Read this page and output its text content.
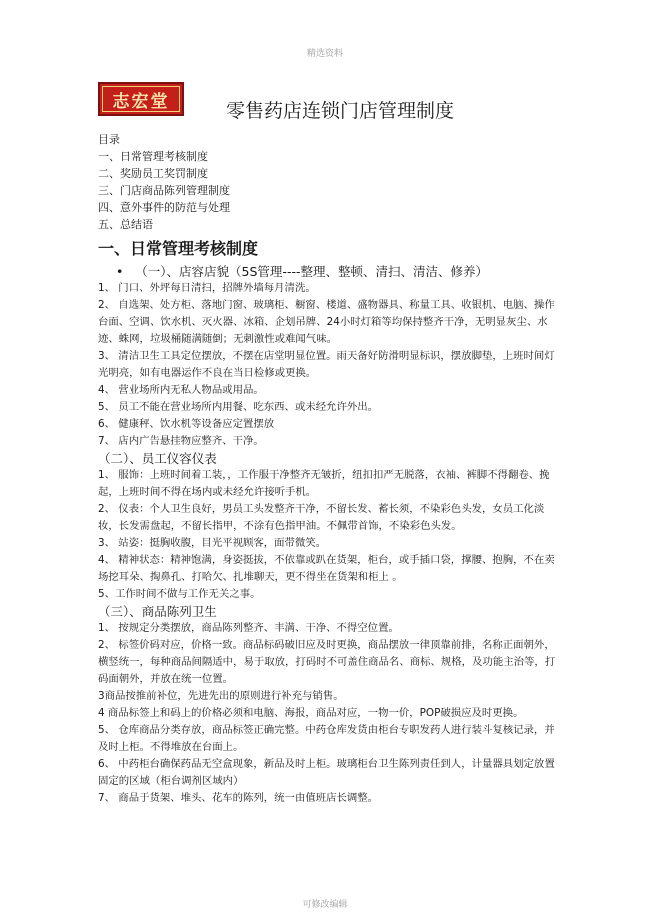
精选资料
志宏堂	零售药店连锁门店管理制度
目录
一、日常管理考核制度
二、奖励员工奖罚制度
三、门店商品陈列管理制度
四、意外事件的防范与处理
五、总结语
一、日常管理考核制度
• （一）、店容店貌（5S管理----整理、整顿、清扫、清洁、修养）

1、 门口、外坪每日清扫，招牌外墙每月清洗。

2、 自选架、处方柜、落地门窗、玻璃柜、橱窗、楼道、盛物器具、称量工具、收银机、电脑、操作台面、空调、饮水机、灭火器、冰箱、企划吊牌、24小时灯箱等均保持整齐干净，无明显灰尘、水迹、蛛网，垃圾桶随满随倒；无刺激性或难闻气味。

3、 清洁卫生工具定位摆放，不摆在店堂明显位置。雨天备好防滑明显标识，摆放脚垫，上班时间灯光明亮，如有电器运作不良在当日检修或更换。

4、 营业场所内无私人物品或用品。

5、 员工不能在营业场所内用餐、吃东西、或未经允许外出。

6、 健康秤、饮水机等设备应定置摆放

7、 店内广告悬挂物应整齐、干净。

（二）、员工仪容仪表

1、 服饰：上班时间着工装，，工作服干净整齐无皱折，纽扣扣严无脱落，衣袖、裤脚不得翻卷、挽起，上班时间不得在场内或未经允许接听手机。

2、 仪表：个人卫生良好，男员工头发整齐干净，不留长发、蓄长须，不染彩色头发，女员工化淡妆，长发需盘起，不留长指甲，不涂有色指甲油。不佩带首饰，不染彩色头发。

3、 站姿：挺胸收腹，目光平视顾客，面带微笑。

4、 精神状态：精神饱满，身姿挺拔，不依靠或趴在货架，柜台，或手插口袋，撑腰、抱胸，不在卖场挖耳朵、掏鼻孔、打哈欠、扎堆聊天，更不得坐在货架和柜上 。

5、工作时间不做与工作无关之事。

（三）、商品陈列卫生

1、 按规定分类摆放，商品陈列整齐、丰满、干净、不得空位置。

2、 标签价码对应，价格一致。商品标码破旧应及时更换，商品摆放一律顶靠前排，名称正面朝外，横竖统一，每种商品间隔适中，易于取放，打码时不可盖住商品名、商标、规格，及功能主治等，打码面朝外，并放在统一位置。

3商品按推前补位，先进先出的原则进行补充与销售。

4 商品标签上和码上的价格必须和电脑、海报，商品对应，一物一价，POP破损应及时更换。

5、 仓库商品分类存放，商品标签正确完整。中药仓库发货由柜台专职发药人进行装斗复核记录，并及时上柜。不得堆放在台面上。

6、 中药柜台确保药品无空盒现象，新品及时上柜。玻璃柜台卫生陈列责任到人，计量器具划定放置固定的区域（柜台调剂区域内）

7、 商品于货架、堆头、花车的陈列，统一由值班店长调整。

可修改编辑
